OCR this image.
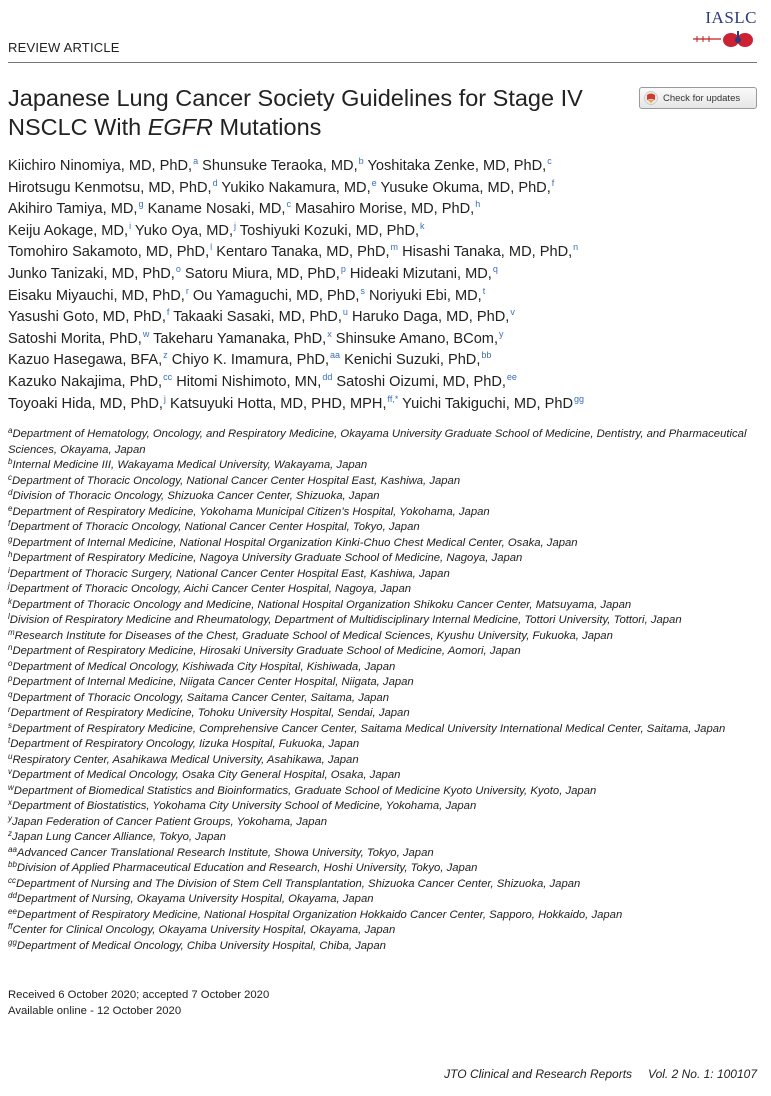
IASLC
REVIEW ARTICLE
Japanese Lung Cancer Society Guidelines for Stage IV NSCLC With EGFR Mutations
Check for updates
Kiichiro Ninomiya, MD, PhD,$^a$ Shunsuke Teraoka, MD,$^b$ Yoshitaka Zenke, MD, PhD,$^c$
Hirotsugu Kenmotsu, MD, PhD,$^d$ Yukiko Nakamura, MD,$^e$ Yusuke Okuma, MD, PhD,$^f$
Akihiro Tamiya, MD,$^g$ Kaname Nosaki, MD,$^c$ Masahiro Morise, MD, PhD,$^h$
Keiju Aokage, MD,$^i$ Yuko Oya, MD,$^j$ Toshiyuki Kozuki, MD, PhD,$^k$
Tomohiro Sakamoto, MD, PhD,$^l$ Kentaro Tanaka, MD, PhD,$^m$ Hisashi Tanaka, MD, PhD,$^n$
Junko Tanizaki, MD, PhD,$^o$ Satoru Miura, MD, PhD,$^p$ Hideaki Mizutani, MD,$^q$
Eisaku Miyauchi, MD, PhD,$^r$ Ou Yamaguchi, MD, PhD,$^s$ Noriyuki Ebi, MD,$^t$
Yasushi Goto, MD, PhD,$^f$ Takaaki Sasaki, MD, PhD,$^u$ Haruko Daga, MD, PhD,$^v$
Satoshi Morita, PhD,$^w$ Takeharu Yamanaka, PhD,$^x$ Shinsuke Amano, BCom,$^y$
Kazuo Hasegawa, BFA,$^z$ Chiyo K. Imamura, PhD,$^{aa}$ Kenichi Suzuki, PhD,$^{bb}$
Kazuko Nakajima, PhD,$^{cc}$ Hitomi Nishimoto, MN,$^{dd}$ Satoshi Oizumi, MD, PhD,$^{ee}$
Toyoaki Hida, MD, PhD,$^j$ Katsuyuki Hotta, MD, PHD, MPH,$^{ff,*}$ Yuichi Takiguchi, MD, PhD$^{gg}$
$^a$Department of Hematology, Oncology, and Respiratory Medicine, Okayama University Graduate School of Medicine, Dentistry, and Pharmaceutical Sciences, Okayama, Japan
$^b$Internal Medicine III, Wakayama Medical University, Wakayama, Japan
$^c$Department of Thoracic Oncology, National Cancer Center Hospital East, Kashiwa, Japan
$^d$Division of Thoracic Oncology, Shizuoka Cancer Center, Shizuoka, Japan
$^e$Department of Respiratory Medicine, Yokohama Municipal Citizen’s Hospital, Yokohama, Japan
$^f$Department of Thoracic Oncology, National Cancer Center Hospital, Tokyo, Japan
$^g$Department of Internal Medicine, National Hospital Organization Kinki-Chuo Chest Medical Center, Osaka, Japan
$^h$Department of Respiratory Medicine, Nagoya University Graduate School of Medicine, Nagoya, Japan
$^i$Department of Thoracic Surgery, National Cancer Center Hospital East, Kashiwa, Japan
$^j$Department of Thoracic Oncology, Aichi Cancer Center Hospital, Nagoya, Japan
$^k$Department of Thoracic Oncology and Medicine, National Hospital Organization Shikoku Cancer Center, Matsuyama, Japan
$^l$Division of Respiratory Medicine and Rheumatology, Department of Multidisciplinary Internal Medicine, Tottori University, Tottori, Japan
$^m$Research Institute for Diseases of the Chest, Graduate School of Medical Sciences, Kyushu University, Fukuoka, Japan
$^n$Department of Respiratory Medicine, Hirosaki University Graduate School of Medicine, Aomori, Japan
$^o$Department of Medical Oncology, Kishiwada City Hospital, Kishiwada, Japan
$^p$Department of Internal Medicine, Niigata Cancer Center Hospital, Niigata, Japan
$^q$Department of Thoracic Oncology, Saitama Cancer Center, Saitama, Japan
$^r$Department of Respiratory Medicine, Tohoku University Hospital, Sendai, Japan
$^s$Department of Respiratory Medicine, Comprehensive Cancer Center, Saitama Medical University International Medical Center, Saitama, Japan
$^t$Department of Respiratory Oncology, Iizuka Hospital, Fukuoka, Japan
$^u$Respiratory Center, Asahikawa Medical University, Asahikawa, Japan
$^v$Department of Medical Oncology, Osaka City General Hospital, Osaka, Japan
$^w$Department of Biomedical Statistics and Bioinformatics, Graduate School of Medicine Kyoto University, Kyoto, Japan
$^x$Department of Biostatistics, Yokohama City University School of Medicine, Yokohama, Japan
$^y$Japan Federation of Cancer Patient Groups, Yokohama, Japan
$^z$Japan Lung Cancer Alliance, Tokyo, Japan
$^{aa}$Advanced Cancer Translational Research Institute, Showa University, Tokyo, Japan
$^{bb}$Division of Applied Pharmaceutical Education and Research, Hoshi University, Tokyo, Japan
$^{cc}$Department of Nursing and The Division of Stem Cell Transplantation, Shizuoka Cancer Center, Shizuoka, Japan
$^{dd}$Department of Nursing, Okayama University Hospital, Okayama, Japan
$^{ee}$Department of Respiratory Medicine, National Hospital Organization Hokkaido Cancer Center, Sapporo, Hokkaido, Japan
$^{ff}$Center for Clinical Oncology, Okayama University Hospital, Okayama, Japan
$^{gg}$Department of Medical Oncology, Chiba University Hospital, Chiba, Japan
Received 6 October 2020; accepted 7 October 2020
Available online - 12 October 2020
JTO Clinical and Research Reports Vol. 2 No. 1: 100107
